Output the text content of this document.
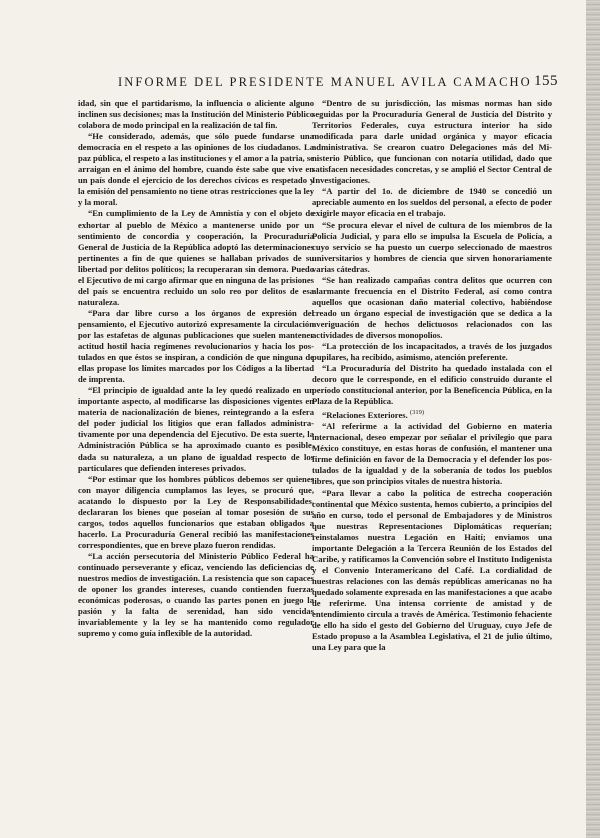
INFORME DEL PRESIDENTE MANUEL AVILA CAMACHO 155

idad, sin que el partidarismo, la influencia o aliciente alguno inclinen sus decisiones; mas la Institución del Ministerio Público colabora de modo principal en la realización de tal fin.

“He considerado, además, que sólo puede fundarse una democracia en el respeto a las opiniones de los ciudadanos. La paz pública, el respeto a las instituciones y el amor a la patria, se arraigan en el ánimo del hombre, cuando éste sabe que vive en un país donde el ejercicio de los derechos cívicos es respetado y la emisión del pensamiento no tiene otras restricciones que la ley y la moral.

“En cumplimiento de la Ley de Amnistía y con el objeto de exhortar al pueblo de México a mantenerse unido por un sentimiento de concordia y cooperación, la Procuraduría General de Justicia de la República adoptó las determinaciones pertinentes a fin de que quienes se hallaban privados de su libertad por delitos políticos; la recuperaran sin demora. Puedo el Ejecutivo de mi cargo afirmar que en ninguna de las prisiones del país se encuentra recluido un solo reo por delitos de esa naturaleza.

“Para dar libre curso a los órganos de expresión del pensamiento, el Ejecutivo autorizó expresamente la circulación por las estafetas de algunas publicaciones que suelen mantener actitud hostil hacia regímenes revolucionarios y hacia los postulados en que éstos se inspiran, a condición de que ninguna de ellas propase los límites marcados por los Códigos a la libertad de imprenta.

“El principio de igualdad ante la ley quedó realizado en un importante aspecto, al modificarse las disposiciones vigentes en materia de nacionalización de bienes, reintegrando a la esfera del poder judicial los litigios que eran fallados administrativamente por una dependencia del Ejecutivo. De esta suerte, la Administración Pública se ha aproximado cuanto es posible, dada su naturaleza, a un plano de igualdad respecto de los particulares que defienden intereses privados.

“Por estimar que los hombres públicos debemos ser quienes con mayor diligencia cumplamos las leyes, se procuró que, acatando lo dispuesto por la Ley de Responsabilidades, declararan los bienes que poseían al tomar posesión de sus cargos, todos aquellos funcionarios que estaban obligados a hacerlo. La Procuraduría General recibió las manifestaciones correspondientes, que en breve plazo fueron rendidas.

“La acción persecutoria del Ministerio Público Federal ha continuado perseverante y eficaz, venciendo las deficiencias de nuestros medios de investigación. La resistencia que son capaces de oponer los grandes intereses, cuando contienden fuerzas económicas poderosas, o cuando las partes ponen en juego la pasión y la falta de serenidad, han sido vencidas invariablemente y la ley se ha mantenido como regulador supremo y como guía inflexible de la autoridad.

“Dentro de su jurisdicción, las mismas normas han sido seguidas por la Procuraduría General de Justicia del Distrito y Territorios Federales, cuya estructura interior ha sido modificada para darle unidad orgánica y mayor eficacia administrativa. Se crearon cuatro Delegaciones más del Ministerio Público, que funcionan con notaría utilidad, dado que satisfacen necesidades concretas, y se amplió el Sector Central de Investigaciones.

“A partir del 1o. de diciembre de 1940 se concedió un apreciable aumento en los sueldos del personal, a efecto de poder exigirle mayor eficacia en el trabajo.

“Se procura elevar el nivel de cultura de los miembros de la Policía Judicial, y para ello se impulsa la Escuela de Policía, a cuyo servicio se ha puesto un cuerpo seleccionado de maestros universitarios y hombres de ciencia que sirven honorariamente varias cátedras.

“Se han realizado campañas contra delitos que ocurren con alarmante frecuencia en el Distrito Federal, así como contra aquellos que ocasionan daño material colectivo, habiéndose creado un órgano especial de investigación que se dedica a la averiguación de hechos delictuosos relacionados con las actividades de diversos monopolios.

“La protección de los incapacitados, a través de los juzgados pupilares, ha recibido, asimismo, atención preferente.

“La Procuraduría del Distrito ha quedado instalada con el decoro que le corresponde, en el edificio construido durante el período constitucional anterior, por la Beneficencia Pública, en la Plaza de la República.

“Relaciones Exteriores. $^{(319)}$

“Al referirme a la actividad del Gobierno en materia internacional, deseo empezar por señalar el privilegio que para México constituye, en estas horas de confusión, el mantener una firme definición en favor de la Democracia y el defender los postulados de la igualdad y de la soberanía de todos los pueblos libres, que son principios vitales de nuestra historia.

“Para llevar a cabo la política de estrecha cooperación continental que México sustenta, hemos cubierto, a principios del año en curso, todo el personal de Embajadores y de Ministros que nuestras Representaciones Diplomáticas requerían; reinstalamos nuestra Legación en Haití; enviamos una importante Delegación a la Tercera Reunión de los Estados del Caribe, y ratificamos la Convención sobre el Instituto Indigenista y el Convenio Interamericano del Café. La cordialidad de nuestras relaciones con las demás repúblicas americanas no ha quedado solamente expresada en las manifestaciones a que acabo de referirme. Una intensa corriente de amistad y de entendimiento circula a través de América. Testimonio fehaciente de ello ha sido el gesto del Gobierno del Uruguay, cuyo Jefe de Estado propuso a la Asamblea Legislativa, el 21 de julio último, una Ley para que la
